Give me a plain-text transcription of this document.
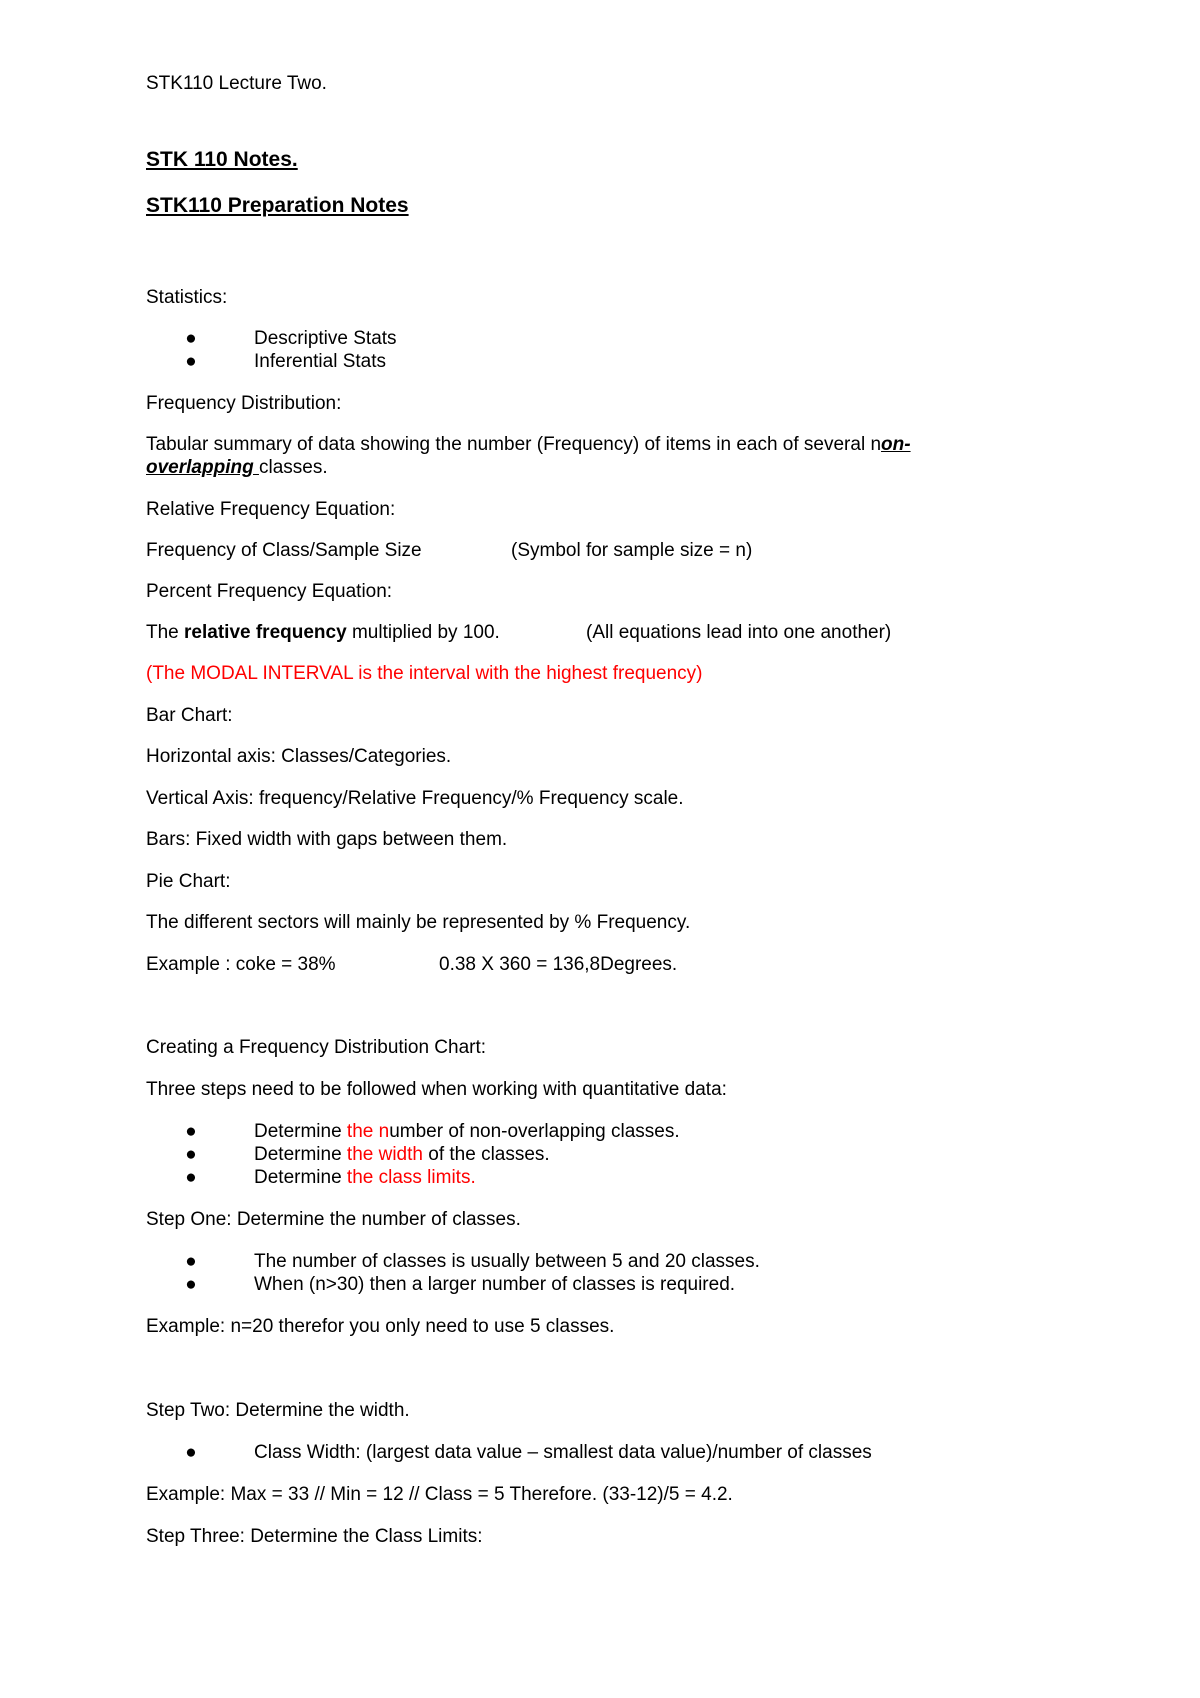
STK110 Lecture Two.
STK 110 Notes.
STK110 Preparation Notes
Statistics:
●	Descriptive Stats
●	Inferential Stats
Frequency Distribution:
Tabular summary of data showing the number (Frequency) of items in each of several non-
overlapping classes.
Relative Frequency Equation:
Frequency of Class/Sample Size	(Symbol for sample size = n)
Percent Frequency Equation:
The relative frequency multiplied by 100.	(All equations lead into one another)
(The MODAL INTERVAL is the interval with the highest frequency)
Bar Chart:
Horizontal axis: Classes/Categories.
Vertical Axis: frequency/Relative Frequency/% Frequency scale.
Bars: Fixed width with gaps between them.
Pie Chart:
The different sectors will mainly be represented by % Frequency.
Example : coke = 38%	0.38 X 360 = 136,8Degrees.
Creating a Frequency Distribution Chart:
Three steps need to be followed when working with quantitative data:
●	Determine the number of non-overlapping classes.
●	Determine the width of the classes.
●	Determine the class limits.
Step One: Determine the number of classes.
●	The number of classes is usually between 5 and 20 classes.
●	When (n>30) then a larger number of classes is required.
Example: n=20 therefor you only need to use 5 classes.
Step Two: Determine the width.
●	Class Width: (largest data value – smallest data value)/number of classes
Example: Max = 33 // Min = 12 // Class = 5 Therefore. (33-12)/5 = 4.2.
Step Three: Determine the Class Limits:
